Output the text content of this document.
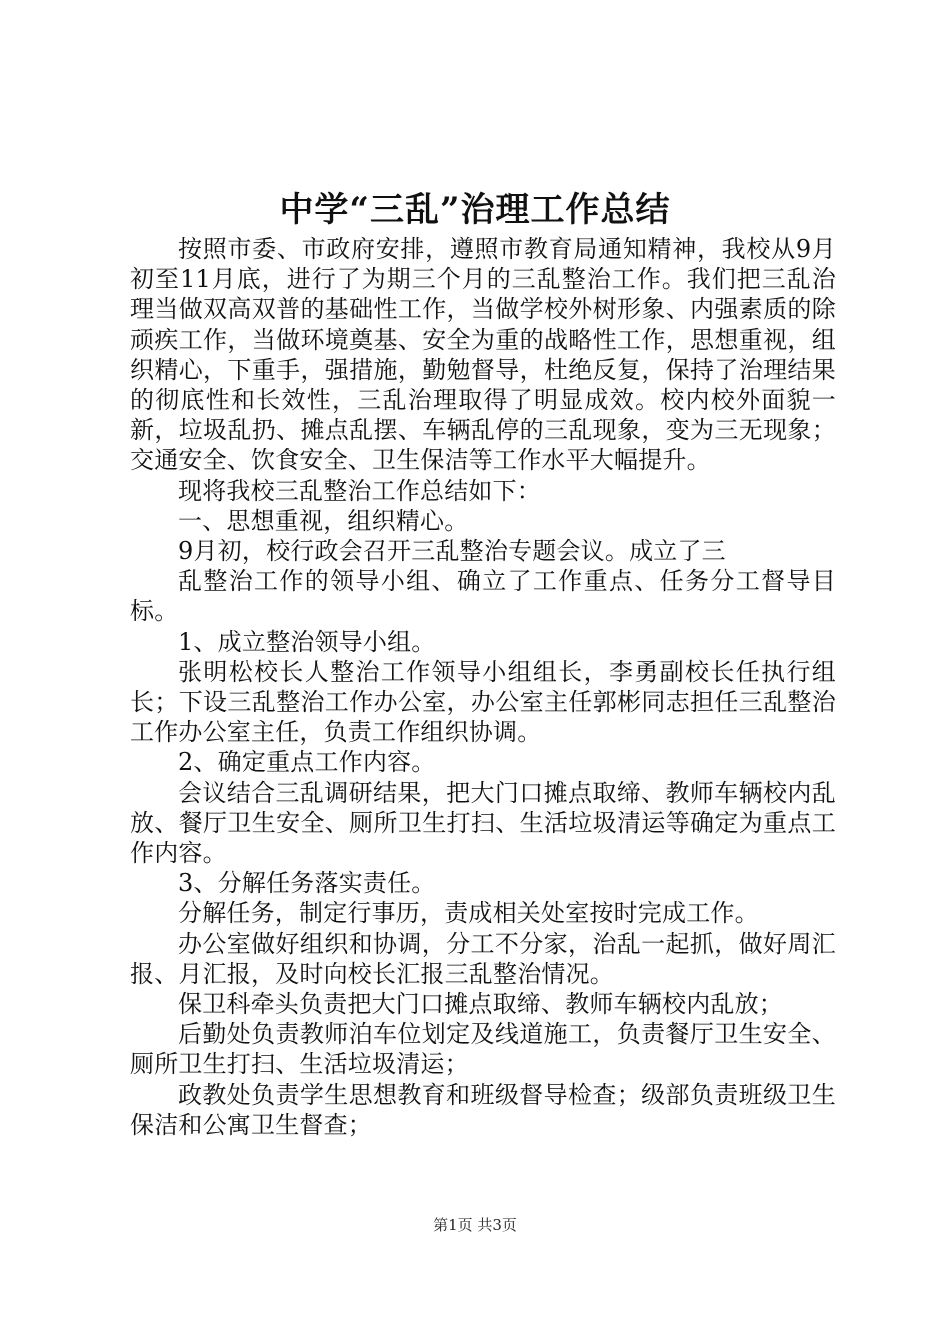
中学“三乱”治理工作总结

按照市委、市政府安排，遵照市教育局通知精神，我校从9月初至11月底，进行了为期三个月的三乱整治工作。我们把三乱治理当做双高双普的基础性工作，当做学校外树形象、内强素质的除顽疾工作，当做环境奠基、安全为重的战略性工作，思想重视，组织精心，下重手，强措施，勤勉督导，杜绝反复，保持了治理结果的彻底性和长效性，三乱治理取得了明显成效。校内校外面貌一新，垃圾乱扔、摊点乱摆、车辆乱停的三乱现象，变为三无现象；交通安全、饮食安全、卫生保洁等工作水平大幅提升。

现将我校三乱整治工作总结如下：

一、思想重视，组织精心。

9月初，校行政会召开三乱整治专题会议。成立了三

乱整治工作的领导小组、确立了工作重点、任务分工督导目标。

1、成立整治领导小组。

张明松校长人整治工作领导小组组长，李勇副校长任执行组长；下设三乱整治工作办公室，办公室主任郭彬同志担任三乱整治工作办公室主任，负责工作组织协调。

2、确定重点工作内容。

会议结合三乱调研结果，把大门口摊点取缔、教师车辆校内乱放、餐厅卫生安全、厕所卫生打扫、生活垃圾清运等确定为重点工作内容。

3、分解任务落实责任。

分解任务，制定行事历，责成相关处室按时完成工作。

办公室做好组织和协调，分工不分家，治乱一起抓，做好周汇报、月汇报，及时向校长汇报三乱整治情况。

保卫科牵头负责把大门口摊点取缔、教师车辆校内乱放；

后勤处负责教师泊车位划定及线道施工，负责餐厅卫生安全、厕所卫生打扫、生活垃圾清运；

政教处负责学生思想教育和班级督导检查；级部负责班级卫生保洁和公寓卫生督查；

第1页 共3页
